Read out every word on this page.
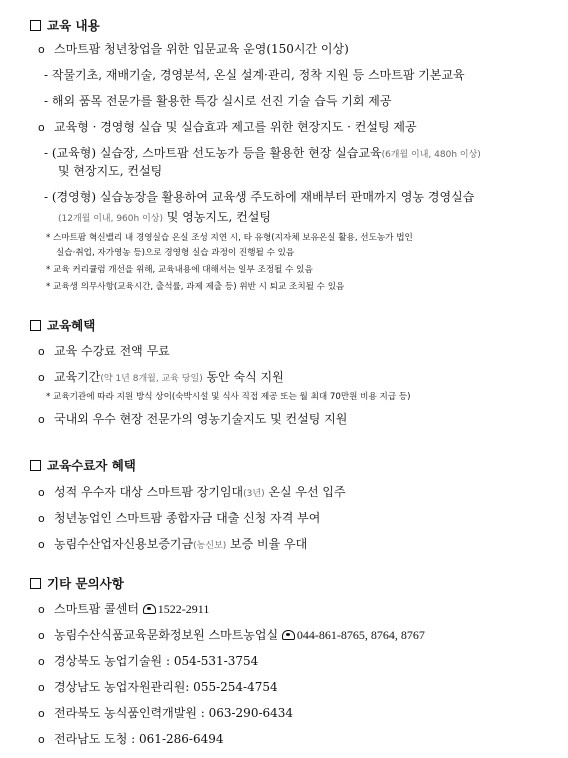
교육 내용
o 스마트팜 청년창업을 위한 입문교육 운영(150시간 이상)
- 작물기초, 재배기술, 경영분석, 온실 설계·관리, 정착 지원 등 스마트팜 기본교육
- 해외 품목 전문가를 활용한 특강 실시로 선진 기술 습득 기회 제공
o 교육형 · 경영형 실습 및 실습효과 제고를 위한 현장지도 · 컨설팅 제공
- (교육형) 실습장, 스마트팜 선도농가 등을 활용한 현장 실습교육(6개월 이내, 480h 이상)
및 현장지도, 컨설팅
- (경영형) 실습농장을 활용하여 교육생 주도하에 재배부터 판매까지 영농 경영실습
(12개월 이내, 960h 이상) 및 영농지도, 컨설팅
* 스마트팜 혁신밸리 내 경영실습 온실 조성 지연 시, 타 유형(지자체 보유온실 활용, 선도농가 법인
실습·취업, 자가영농 등)으로 경영형 실습 과정이 진행될 수 있음
* 교육 커리큘럼 개선을 위해, 교육내용에 대해서는 일부 조정될 수 있음
* 교육생 의무사항(교육시간, 출석률, 과제 제출 등) 위반 시 퇴교 조치될 수 있음
교육혜택
o 교육 수강료 전액 무료
o 교육기간(약 1년 8개월, 교육 당일) 동안 숙식 지원
* 교육기관에 따라 지원 방식 상이(숙박시설 및 식사 직접 제공 또는 월 최대 70만원 비용 지급 등)
o 국내외 우수 현장 전문가의 영농기술지도 및 컨설팅 지원
교육수료자 혜택
o 성적 우수자 대상 스마트팜 장기임대(3년) 온실 우선 입주
o 청년농업인 스마트팜 종합자금 대출 신청 자격 부여
o 농림수산업자신용보증기금(농신보) 보증 비율 우대
기타 문의사항
o 스마트팜 콜센터 1522-2911
o 농림수산식품교육문화정보원 스마트농업실 044-861-8765, 8764, 8767
o 경상북도 농업기술원 : 054-531-3754
o 경상남도 농업자원관리원: 055-254-4754
o 전라북도 농식품인력개발원 : 063-290-6434
o 전라남도 도청 : 061-286-6494
